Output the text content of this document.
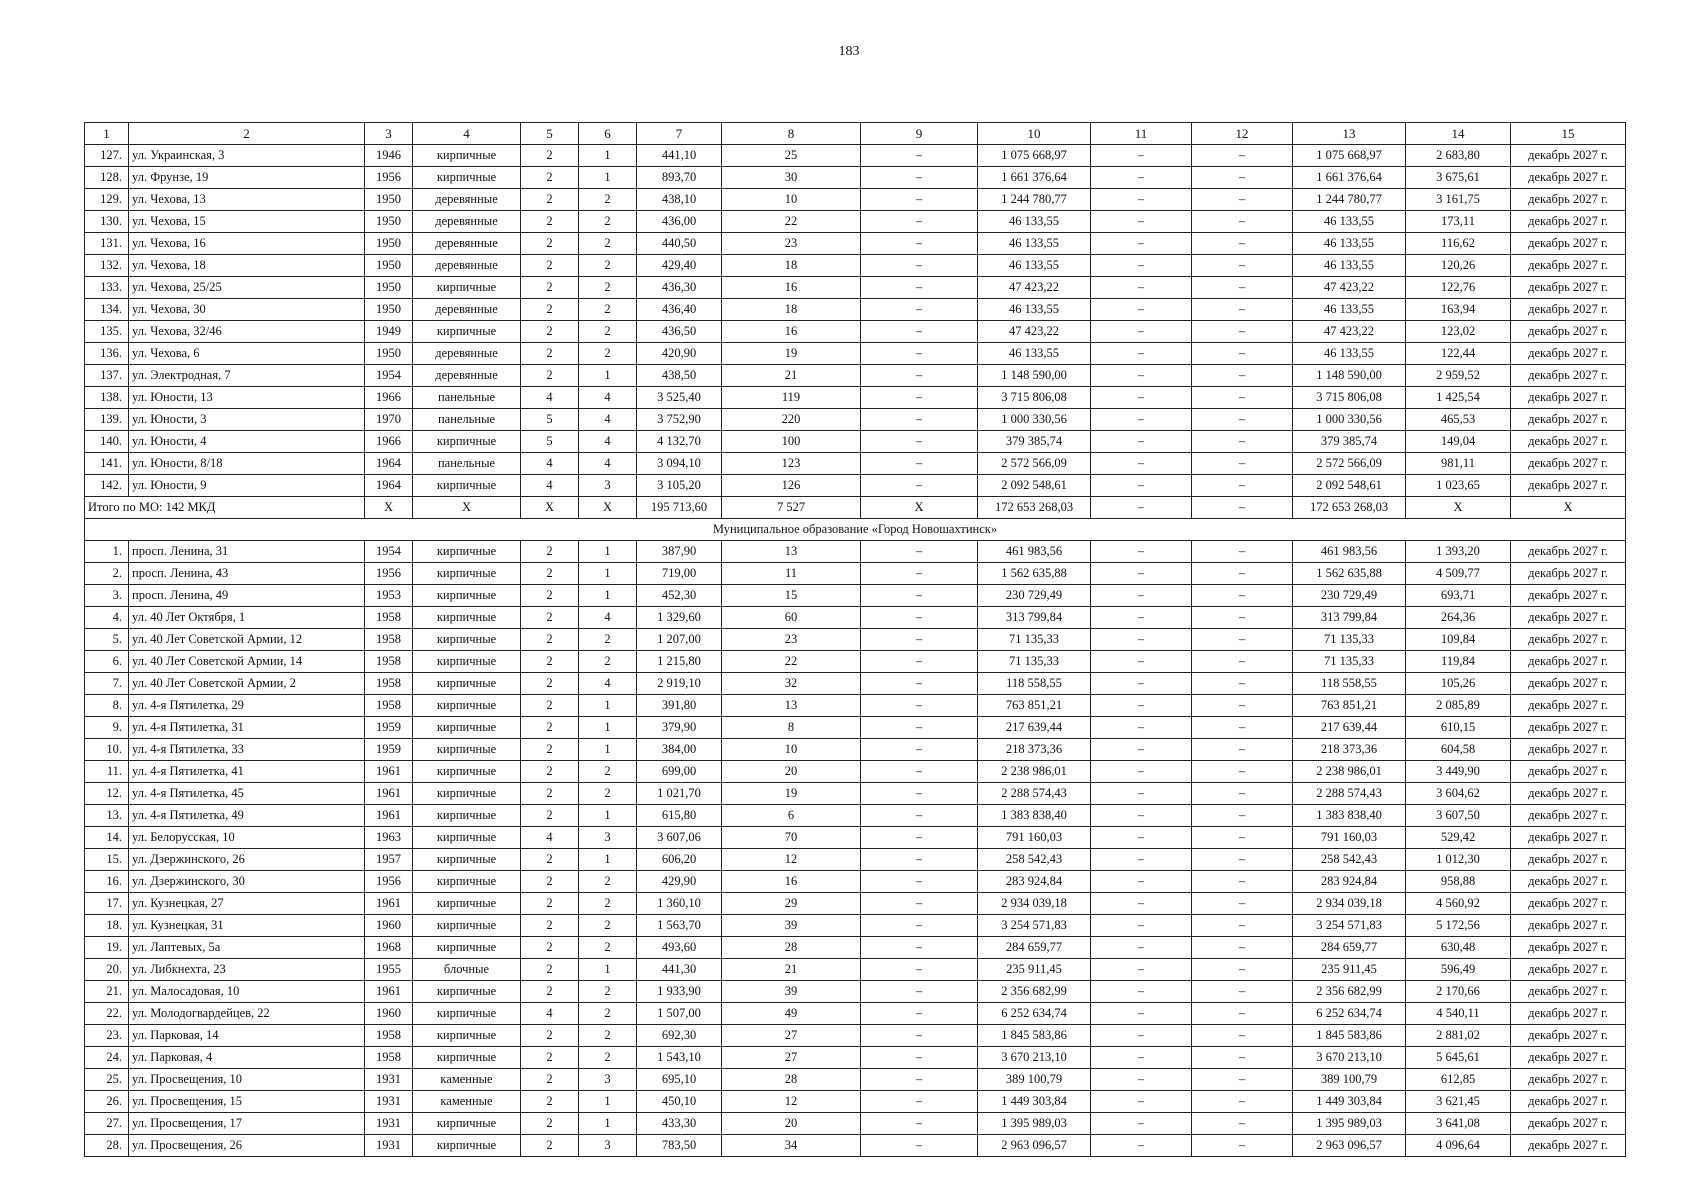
183
1	2	3	4	5	6	7	8	9	10	11	12	13	14	15
127.	ул. Украинская, 3	1946	кирпичные	2	1	441,10	25	–	1 075 668,97	–	–	1 075 668,97	2 683,80	декабрь 2027 г.
128.	ул. Фрунзе, 19	1956	кирпичные	2	1	893,70	30	–	1 661 376,64	–	–	1 661 376,64	3 675,61	декабрь 2027 г.
129.	ул. Чехова, 13	1950	деревянные	2	2	438,10	10	–	1 244 780,77	–	–	1 244 780,77	3 161,75	декабрь 2027 г.
130.	ул. Чехова, 15	1950	деревянные	2	2	436,00	22	–	46 133,55	–	–	46 133,55	173,11	декабрь 2027 г.
131.	ул. Чехова, 16	1950	деревянные	2	2	440,50	23	–	46 133,55	–	–	46 133,55	116,62	декабрь 2027 г.
132.	ул. Чехова, 18	1950	деревянные	2	2	429,40	18	–	46 133,55	–	–	46 133,55	120,26	декабрь 2027 г.
133.	ул. Чехова, 25/25	1950	кирпичные	2	2	436,30	16	–	47 423,22	–	–	47 423,22	122,76	декабрь 2027 г.
134.	ул. Чехова, 30	1950	деревянные	2	2	436,40	18	–	46 133,55	–	–	46 133,55	163,94	декабрь 2027 г.
135.	ул. Чехова, 32/46	1949	кирпичные	2	2	436,50	16	–	47 423,22	–	–	47 423,22	123,02	декабрь 2027 г.
136.	ул. Чехова, 6	1950	деревянные	2	2	420,90	19	–	46 133,55	–	–	46 133,55	122,44	декабрь 2027 г.
137.	ул. Электродная, 7	1954	деревянные	2	1	438,50	21	–	1 148 590,00	–	–	1 148 590,00	2 959,52	декабрь 2027 г.
138.	ул. Юности, 13	1966	панельные	4	4	3 525,40	119	–	3 715 806,08	–	–	3 715 806,08	1 425,54	декабрь 2027 г.
139.	ул. Юности, 3	1970	панельные	5	4	3 752,90	220	–	1 000 330,56	–	–	1 000 330,56	465,53	декабрь 2027 г.
140.	ул. Юности, 4	1966	кирпичные	5	4	4 132,70	100	–	379 385,74	–	–	379 385,74	149,04	декабрь 2027 г.
141.	ул. Юности, 8/18	1964	панельные	4	4	3 094,10	123	–	2 572 566,09	–	–	2 572 566,09	981,11	декабрь 2027 г.
142.	ул. Юности, 9	1964	кирпичные	4	3	3 105,20	126	–	2 092 548,61	–	–	2 092 548,61	1 023,65	декабрь 2027 г.
Итого по МО: 142 МКД		X	X	X	X	195 713,60	7 527	X	172 653 268,03	–	–	172 653 268,03	X	X
Муниципальное образование «Город Новошахтинск»														
1.	просп. Ленина, 31	1954	кирпичные	2	1	387,90	13	–	461 983,56	–	–	461 983,56	1 393,20	декабрь 2027 г.
2.	просп. Ленина, 43	1956	кирпичные	2	1	719,00	11	–	1 562 635,88	–	–	1 562 635,88	4 509,77	декабрь 2027 г.
3.	просп. Ленина, 49	1953	кирпичные	2	1	452,30	15	–	230 729,49	–	–	230 729,49	693,71	декабрь 2027 г.
4.	ул. 40 Лет Октября, 1	1958	кирпичные	2	4	1 329,60	60	–	313 799,84	–	–	313 799,84	264,36	декабрь 2027 г.
5.	ул. 40 Лет Советской Армии, 12	1958	кирпичные	2	2	1 207,00	23	–	71 135,33	–	–	71 135,33	109,84	декабрь 2027 г.
6.	ул. 40 Лет Советской Армии, 14	1958	кирпичные	2	2	1 215,80	22	–	71 135,33	–	–	71 135,33	119,84	декабрь 2027 г.
7.	ул. 40 Лет Советской Армии, 2	1958	кирпичные	2	4	2 919,10	32	–	118 558,55	–	–	118 558,55	105,26	декабрь 2027 г.
8.	ул. 4-я Пятилетка, 29	1958	кирпичные	2	1	391,80	13	–	763 851,21	–	–	763 851,21	2 085,89	декабрь 2027 г.
9.	ул. 4-я Пятилетка, 31	1959	кирпичные	2	1	379,90	8	–	217 639,44	–	–	217 639,44	610,15	декабрь 2027 г.
10.	ул. 4-я Пятилетка, 33	1959	кирпичные	2	1	384,00	10	–	218 373,36	–	–	218 373,36	604,58	декабрь 2027 г.
11.	ул. 4-я Пятилетка, 41	1961	кирпичные	2	2	699,00	20	–	2 238 986,01	–	–	2 238 986,01	3 449,90	декабрь 2027 г.
12.	ул. 4-я Пятилетка, 45	1961	кирпичные	2	2	1 021,70	19	–	2 288 574,43	–	–	2 288 574,43	3 604,62	декабрь 2027 г.
13.	ул. 4-я Пятилетка, 49	1961	кирпичные	2	1	615,80	6	–	1 383 838,40	–	–	1 383 838,40	3 607,50	декабрь 2027 г.
14.	ул. Белорусская, 10	1963	кирпичные	4	3	3 607,06	70	–	791 160,03	–	–	791 160,03	529,42	декабрь 2027 г.
15.	ул. Дзержинского, 26	1957	кирпичные	2	1	606,20	12	–	258 542,43	–	–	258 542,43	1 012,30	декабрь 2027 г.
16.	ул. Дзержинского, 30	1956	кирпичные	2	2	429,90	16	–	283 924,84	–	–	283 924,84	958,88	декабрь 2027 г.
17.	ул. Кузнецкая, 27	1961	кирпичные	2	2	1 360,10	29	–	2 934 039,18	–	–	2 934 039,18	4 560,92	декабрь 2027 г.
18.	ул. Кузнецкая, 31	1960	кирпичные	2	2	1 563,70	39	–	3 254 571,83	–	–	3 254 571,83	5 172,56	декабрь 2027 г.
19.	ул. Лаптевых, 5а	1968	кирпичные	2	2	493,60	28	–	284 659,77	–	–	284 659,77	630,48	декабрь 2027 г.
20.	ул. Либкнехта, 23	1955	блочные	2	1	441,30	21	–	235 911,45	–	–	235 911,45	596,49	декабрь 2027 г.
21.	ул. Малосадовая, 10	1961	кирпичные	2	2	1 933,90	39	–	2 356 682,99	–	–	2 356 682,99	2 170,66	декабрь 2027 г.
22.	ул. Молодогвардейцев, 22	1960	кирпичные	4	2	1 507,00	49	–	6 252 634,74	–	–	6 252 634,74	4 540,11	декабрь 2027 г.
23.	ул. Парковая, 14	1958	кирпичные	2	2	692,30	27	–	1 845 583,86	–	–	1 845 583,86	2 881,02	декабрь 2027 г.
24.	ул. Парковая, 4	1958	кирпичные	2	2	1 543,10	27	–	3 670 213,10	–	–	3 670 213,10	5 645,61	декабрь 2027 г.
25.	ул. Просвещения, 10	1931	каменные	2	3	695,10	28	–	389 100,79	–	–	389 100,79	612,85	декабрь 2027 г.
26.	ул. Просвещения, 15	1931	каменные	2	1	450,10	12	–	1 449 303,84	–	–	1 449 303,84	3 621,45	декабрь 2027 г.
27.	ул. Просвещения, 17	1931	кирпичные	2	1	433,30	20	–	1 395 989,03	–	–	1 395 989,03	3 641,08	декабрь 2027 г.
28.	ул. Просвещения, 26	1931	кирпичные	2	3	783,50	34	–	2 963 096,57	–	–	2 963 096,57	4 096,64	декабрь 2027 г.
